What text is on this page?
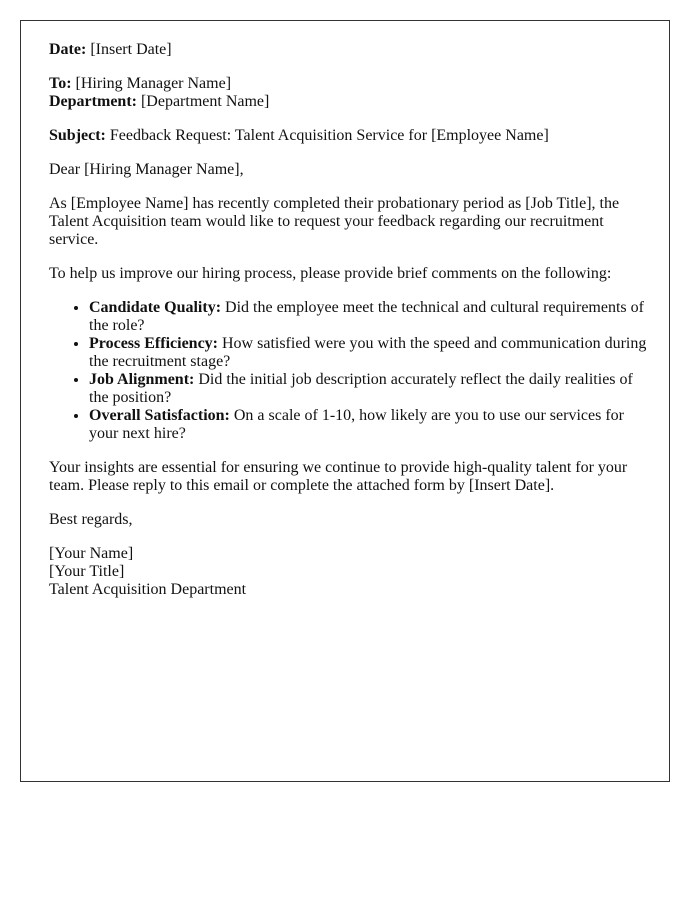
Date: [Insert Date]

To: [Hiring Manager Name]

Department: [Department Name]

Subject: Feedback Request: Talent Acquisition Service for [Employee Name]

Dear [Hiring Manager Name],

As [Employee Name] has recently completed their probationary period as [Job Title], the Talent Acquisition team would like to request your feedback regarding our recruitment service.

To help us improve our hiring process, please provide brief comments on the following:

• Candidate Quality: Did the employee meet the technical and cultural requirements of the role?
• Process Efficiency: How satisfied were you with the speed and communication during the recruitment stage?
• Job Alignment: Did the initial job description accurately reflect the daily realities of the position?
• Overall Satisfaction: On a scale of 1-10, how likely are you to use our services for your next hire?

Your insights are essential for ensuring we continue to provide high-quality talent for your team. Please reply to this email or complete the attached form by [Insert Date].

Best regards,

[Your Name]
[Your Title]
Talent Acquisition Department
